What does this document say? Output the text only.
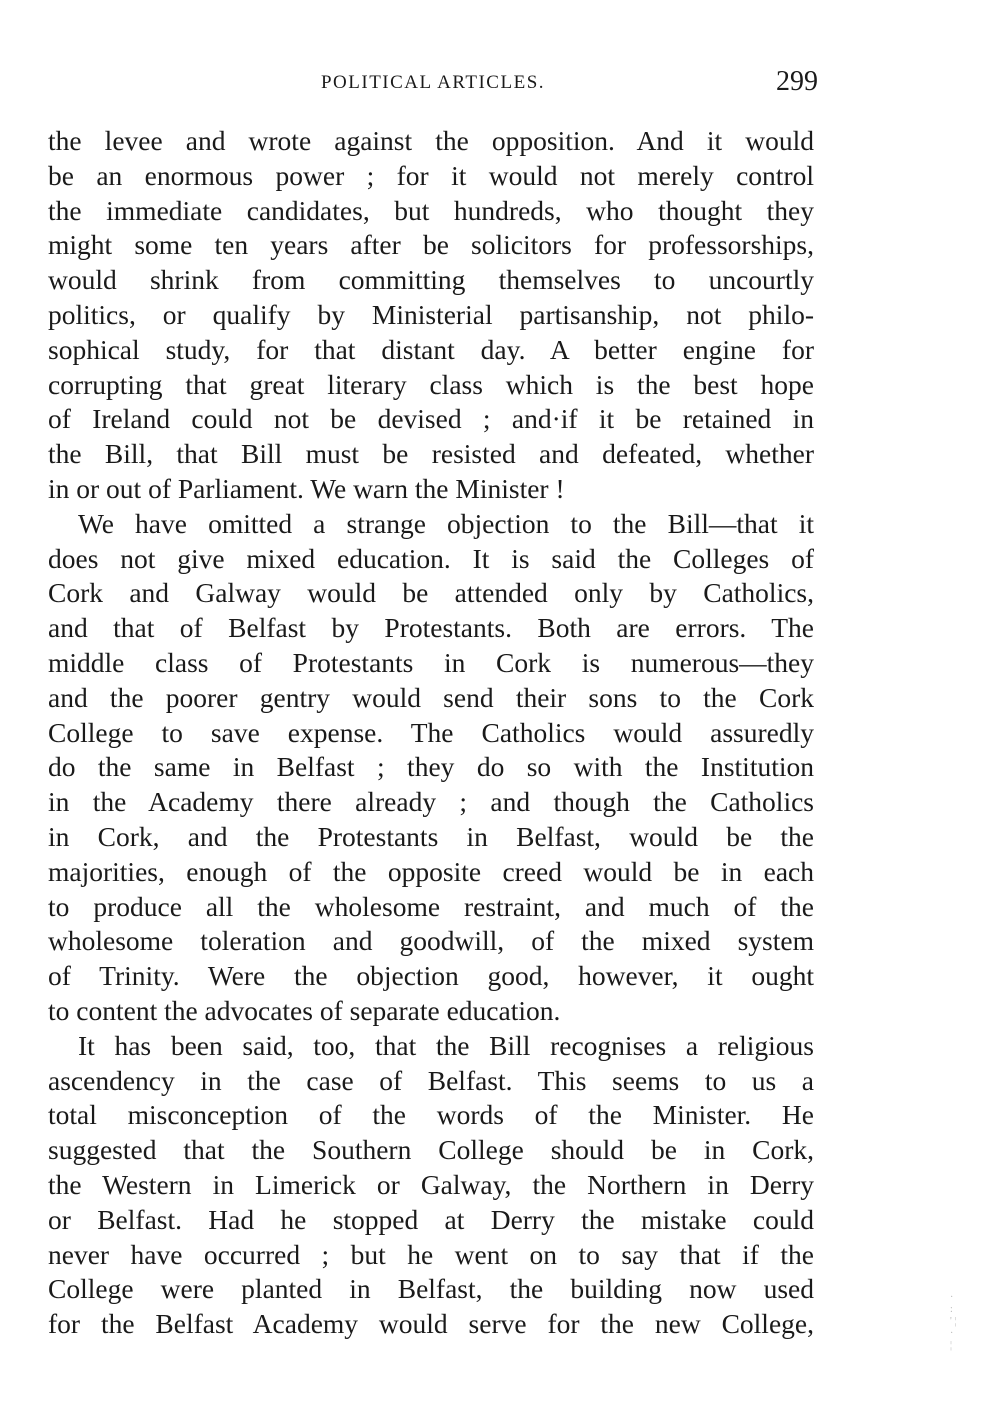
POLITICAL ARTICLES.	299
the levee and wrote against the opposition. And it would
be an enormous power ; for it would not merely control
the immediate candidates, but hundreds, who thought they
might some ten years after be solicitors for professorships,
would shrink from committing themselves to uncourtly
politics, or qualify by Ministerial partisanship, not philo-
sophical study, for that distant day. A better engine for
corrupting that great literary class which is the best hope
of Ireland could not be devised ; and·if it be retained in
the Bill, that Bill must be resisted and defeated, whether
in or out of Parliament. We warn the Minister !
We have omitted a strange objection to the Bill—that it
does not give mixed education. It is said the Colleges of
Cork and Galway would be attended only by Catholics,
and that of Belfast by Protestants. Both are errors. The
middle class of Protestants in Cork is numerous—they
and the poorer gentry would send their sons to the Cork
College to save expense. The Catholics would assuredly
do the same in Belfast ; they do so with the Institution
in the Academy there already ; and though the Catholics
in Cork, and the Protestants in Belfast, would be the
majorities, enough of the opposite creed would be in each
to produce all the wholesome restraint, and much of the
wholesome toleration and goodwill, of the mixed system
of Trinity. Were the objection good, however, it ought
to content the advocates of separate education.
It has been said, too, that the Bill recognises a religious
ascendency in the case of Belfast. This seems to us a
total misconception of the words of the Minister. He
suggested that the Southern College should be in Cork,
the Western in Limerick or Galway, the Northern in Derry
or Belfast. Had he stopped at Derry the mistake could
never have occurred ; but he went on to say that if the
College were planted in Belfast, the building now used
for the Belfast Academy would serve for the new College,
·
:
' ¦
·
¦
